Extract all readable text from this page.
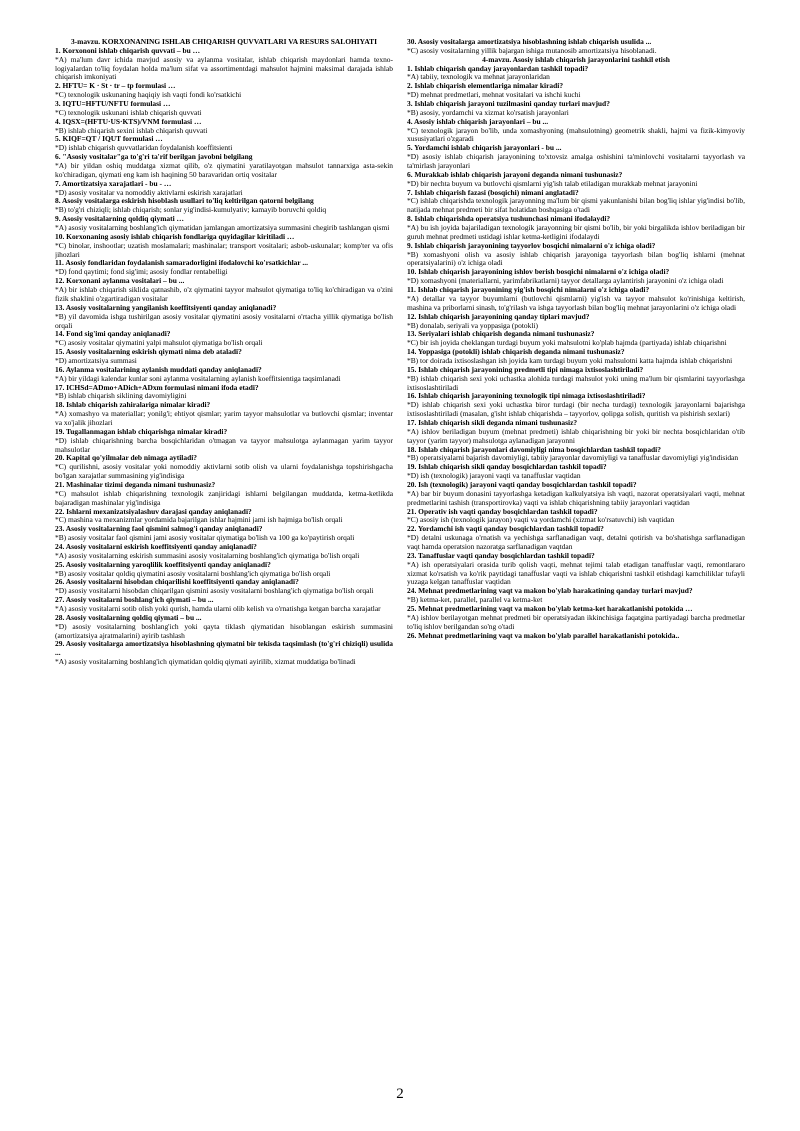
3-mavzu. KORXONANING ISHLAB CHIQARISH QUVVATLARI VA RESURS SALOHIYATI

1. Korxononi ishlab chiqarish quvvati – bu …

*A) ma'lum davr ichida mavjud asosiy va aylanma vositalar, ishlab chiqarish maydonlari hamda texno-logiyalardan to'liq foydalan holda ma'lum sifat va assortimentdagi mahsulot hajmini maksimal darajada ishlab chiqarish imkoniyati

2. HFTU= K · St · tr – tp formulasi …

*C) texnologik uskunaning haqiqiy ish vaqti fondi ko'rsatkichi

3. IQTU=HFTU/NFTU formulasi …

*C) texnologik uskunani ishlab chiqarish quvvati

4. IQSX=(HFTU·US·KTS)/VNM formulasi …

*B) ishlab chiqarish sexini ishlab chiqarish quvvati

5. KIQF=QT / IQUT formulasi …

*D) ishlab chiqarish quvvatlaridan foydalanish koeffitsienti

6. "Asosiy vositalar"ga to'g'ri ta'rif berilgan javobni belgilang

*A) bir yildan oshiq muddatga xizmat qilib, o'z qiymatini yaratilayotgan mahsulot tannarxiga asta-sekin ko'chiradigan, qiymati eng kam ish haqining 50 baravaridan ortiq vositalar

7. Amortizatsiya xarajatlari - bu - …

*D) asosiy vositalar va nomoddiy aktivlarni eskirish xarajatlari

8. Asosiy vositalarga eskirish hisoblash usullari to'liq keltirilgan qatorni belgilang

*B) to'g'ri chiziqli; ishlab chiqarish; sonlar yig'indisi-kumulyativ; kamayib boruvchi qoldiq

9. Asosiy vositalarning qoldiq qiymati …

*A) asosiy vositalarning boshlang'ich qiymatidan jamlangan amortizatsiya summasini chegirib tashlangan qismi

10. Korxonaning asosiy ishlab chiqarish fondlariga quyidagilar kiritiladi …

*C) binolar, inshootlar; uzatish moslamalari; mashinalar; transport vositalari; asbob-uskunalar; komp'ter va ofis jihozlari

11. Asosiy fondlaridan foydalanish samaradorligini ifodalovchi ko'rsatkichlar ...

*D) fond qaytimi; fond sig'imi; asosiy fondlar rentabelligi

12. Korxonani aylanma vositalari – bu ...

*A) bir ishlab chiqarish siklida qatnashib, o'z qiymatini tayyor mahsulot qiymatiga to'liq ko'chiradigan va o'zini fizik shaklini o'zgartiradigan vositalar

13. Asosiy vositalarning yangilanish koeffitsiyenti qanday aniqlanadi?

*B) yil davomida ishga tushirilgan asosiy vositalar qiymatini asosiy vositalarni o'rtacha yillik qiymatiga bo'lish orqali

14. Fond sig'imi qanday aniqlanadi?

*C) asosiy vositalar qiymatini yalpi mahsulot qiymatiga bo'lish orqali

15. Asosiy vositalarning eskirish qiymati nima deb ataladi?

*D) amortizatsiya summasi

16. Aylanma vositalarining aylanish muddati qanday aniqlanadi?

*A) bir yildagi kalendar kunlar soni aylanma vositalarning aylanish koeffitsientiga taqsimlanadi

17. ICHSd=ADmo+ADich+ADxm formulasi nimani ifoda etadi?

*B) ishlab chiqarish siklining davomiyligini

18. Ishlab chiqarish zahiralariga nimalar kiradi?

*A) xomashyo va materiallar; yonilg'i; ehtiyot qismlar; yarim tayyor mahsulotlar va butlovchi qismlar; inventar va xo'jalik jihozlari

19. Tugallanmagan ishlab chiqarishga nimalar kiradi?

*D) ishlab chiqarishning barcha bosqichlaridan o'tmagan va tayyor mahsulotga aylanmagan yarim tayyor mahsulotlar

20. Kapital qo'yilmalar deb nimaga aytiladi?

*C) qurilishni, asosiy vositalar yoki nomoddiy aktivlarni sotib olish va ularni foydalanishga topshirishgacha bo'lgan xarajatlar summasining yig'indisiga

21. Mashinalar tizimi deganda nimani tushunasiz?

*C) mahsulot ishlab chiqarishning texnologik zanjiridagi ishlarni belgilangan muddatda, ketma-ketlikda bajaradigan mashinalar yig'indisiga

22. Ishlarni mexanizatsiyalashuv darajasi qanday aniqlanadi?

*C) mashina va mexanizmlar yordamida bajarilgan ishlar hajmini jami ish hajmiga bo'lish orqali

23. Asosiy vositalarning faol qismini salmog'i qanday aniqlanadi?

*B) asosiy vositalar faol qismini jami asosiy vositalar qiymatiga bo'lish va 100 ga ko'paytirish orqali

24. Asosiy vositalarni eskirish koeffitsiyenti qanday aniqlanadi?

*A) asosiy vositalarning eskirish summasini asosiy vositalarning boshlang'ich qiymatiga bo'lish orqali

25. Asosiy vositalarning yaroqlilik koeffitsiyenti qanday aniqlanadi?

*B) asosiy vositalar qoldiq qiymatini asosiy vositalarni boshlang'ich qiymatiga bo'lish orqali

26. Asosiy vositalarni hisobdan chiqarilishi koeffitsiyenti qanday aniqlanadi?

*D) asosiy vositalarni hisobdan chiqarilgan qismini asosiy vositalarni boshlang'ich qiymatiga bo'lish orqali

27. Asosiy vositalarni boshlang'ich qiymati – bu ...

*A) asosiy vositalarni sotib olish yoki qurish, hamda ularni olib kelish va o'rnatishga ketgan barcha xarajatlar

28. Asosiy vositalarning qoldiq qiymati – bu ...

*D) asosiy vositalarning boshlang'ich yoki qayta tiklash qiymatidan hisoblangan eskirish summasini (amortizatsiya ajratmalarini) ayirib tashlash

29. Asosiy vositalarga amortizatsiya hisoblashning qiymatni bir tekisda taqsimlash (to'g'ri chiziqli) usulida ...

*A) asosiy vositalarning boshlang'ich qiymatidan qoldiq qiymati ayirilib, xizmat muddatiga bo'linadi

30. Asosiy vositalarga amortizatsiya hisoblashning ishlab chiqarish usulida ...

*C) asosiy vositalarning yillik bajargan ishiga mutanosib amortizatsiya hisoblanadi.

4-mavzu. Asosiy ishlab chiqarish jarayonlarini tashkil etish

1. Ishlab chiqarish qanday jarayonlardan tashkil topadi?

*A) tabiiy, texnologik va mehnat jarayonlaridan

2. Ishlab chiqarish elementlariga nimalar kiradi?

*D) mehnat predmetlari, mehnat vositalari va ishchi kuchi

3. Ishlab chiqarish jarayoni tuzilmasini qanday turlari mavjud?

*B) asosiy, yordamchi va xizmat ko'rsatish jarayonlari

4. Asosiy ishlab chiqarish jarayonlari – bu ...

*C) texnologik jarayon bo'lib, unda xomashyoning (mahsulotning) geometrik shakli, hajmi va fizik-kimyoviy xususiyatlari o'zgaradi

5. Yordamchi ishlab chiqarish jarayonlari - bu ...

*D) asosiy ishlab chiqarish jarayonining to'xtovsiz amalga oshishini ta'minlovchi vositalarni tayyorlash va ta'mirlash jarayonlari

6. Murakkab ishlab chiqarish jarayoni deganda nimani tushunasiz?

*D) bir nechta buyum va butlovchi qismlarni yig'ish talab etiladigan murakkab mehnat jarayonini

7. Ishlab chiqarish fazasi (bosqichi) nimani anglatadi?

*C) ishlab chiqarishda texnologik jarayonning ma'lum bir qismi yakunlanishi bilan bog'liq ishlar yig'indisi bo'lib, natijada mehnat predmeti bir sifat holatidan boshqasiga o'tadi

8. Ishlab chiqarishda operatsiya tushunchasi nimani ifodalaydi?

*A) bu ish joyida bajariladigan texnologik jarayonning bir qismi bo'lib, bir yoki birgalikda ishlov beriladigan bir guruh mehnat predmeti ustidagi ishlar ketma-ketligini ifodalaydi

9. Ishlab chiqarish jarayonining tayyorlov bosqichi nimalarni o'z ichiga oladi?

*B) xomashyoni olish va asosiy ishlab chiqarish jarayoniga tayyorlash bilan bog'liq ishlarni (mehnat operatsiyalarini) o'z ichiga oladi

10. Ishlab chiqarish jarayonining ishlov berish bosqichi nimalarni o'z ichiga oladi?

*D) xomashyoni (materiallarni, yarimfabrikatlarni) tayyor detallarga aylantirish jarayonini o'z ichiga oladi

11. Ishlab chiqarish jarayonining yig'ish bosqichi nimalarni o'z ichiga oladi?

*A) detallar va tayyor buyumlarni (butlovchi qismlarni) yig'ish va tayyor mahsulot ko'rinishiga keltirish, mashina va priborlarni sinash, to'g'rilash va ishga tayyorlash bilan bog'liq mehnat jarayonlarini o'z ichiga oladi

12. Ishlab chiqarish jarayonining qanday tiplari mavjud?

*B) donalab, seriyali va yoppasiga (potokli)

13. Seriyalari ishlab chiqarish deganda nimani tushunasiz?

*C) bir ish joyida cheklangan turdagi buyum yoki mahsulotni ko'plab hajmda (partiyada) ishlab chiqarishni

14. Yoppasiga (potokli) ishlab chiqarish deganda nimani tushunasiz?

*B) tor doirada ixtisoslashgan ish joyida kam turdagi buyum yoki mahsulotni katta hajmda ishlab chiqarishni

15. Ishlab chiqarish jarayonining predmetli tipi nimaga ixtisoslashtiriladi?

*B) ishlab chiqarish sexi yoki uchastka alohida turdagi mahsulot yoki uning ma'lum bir qismlarini tayyorlashga ixtisoslashtiriladi

16. Ishlab chiqarish jarayonining texnologik tipi nimaga ixtisoslashtiriladi?

*D) ishlab chiqarish sexi yoki uchastka biror turdagi (bir necha turdagi) texnologik jarayonlarni bajarishga ixtisoslashtiriladi (masalan, g'isht ishlab chiqarishda – tayyorlov, qolipga solish, quritish va pishirish sexlari)

17. Ishlab chiqarish sikli deganda nimani tushunasiz?

*A) ishlov beriladigan buyum (mehnat predmeti) ishlab chiqarishning bir yoki bir nechta bosqichlaridan o'tib tayyor (yarim tayyor) mahsulotga aylanadigan jarayonni

18. Ishlab chiqarish jarayonlari davomiyligi nima bosqichlardan tashkil topadi?

*B) operatsiyalarni bajarish davomiyligi, tabiiy jarayonlar davomiyligi va tanaffuslar davomiyligi yig'indisidan

19. Ishlab chiqarish sikli qanday bosqichlardan tashkil topadi?

*D) ish (texnologik) jarayoni vaqti va tanaffuslar vaqtidan

20. Ish (texnologik) jarayoni vaqti qanday bosqichlardan tashkil topadi?

*A) bar bir buyum donasini tayyorlashga ketadigan kalkulyatsiya ish vaqti, nazorat operatsiyalari vaqti, mehnat predmetlarini tashish (transportirovka) vaqti va ishlab chiqarishning tabiiy jarayonlari vaqtidan

21. Operativ ish vaqti qanday bosqichlardan tashkil topadi?

*C) asosiy ish (texnologik jarayon) vaqti va yordamchi (xizmat ko'rsatuvchi) ish vaqtidan

22. Yordamchi ish vaqti qanday bosqichlardan tashkil topadi?

*D) detalni uskunaga o'rnatish va yechishga sarflanadigan vaqt, detalni qotirish va bo'shatishga sarflanadigan vaqt hamda operatsion nazoratga sarflanadigan vaqtdan

23. Tanaffuslar vaqti qanday bosqichlardan tashkil topadi?

*A) ish operatsiyalari orasida turib qolish vaqti, mehnat tejimi talab etadigan tanaffuslar vaqti, remontlararo xizmat ko'rsatish va ko'rik paytidagi tanaffuslar vaqti va ishlab chiqarishni tashkil etishdagi kamchiliklar tufayli yuzaga kelgan tanaffuslar vaqtidan

24. Mehnat predmetlarining vaqt va makon bo'ylab harakatining qanday turlari mavjud?

*B) ketma-ket, parallel, parallel va ketma-ket

25. Mehnat predmetlarining vaqt va makon bo'ylab ketma-ket harakatlanishi potokida …

*A) ishlov berilayotgan mehnat predmeti bir operatsiyadan ikkinchisiga faqatgina partiyadagi barcha predmetlar to'liq ishlov berilgandan so'ng o'tadi

26. Mehnat predmetlarining vaqt va makon bo'ylab parallel harakatlanishi potokida..

2
